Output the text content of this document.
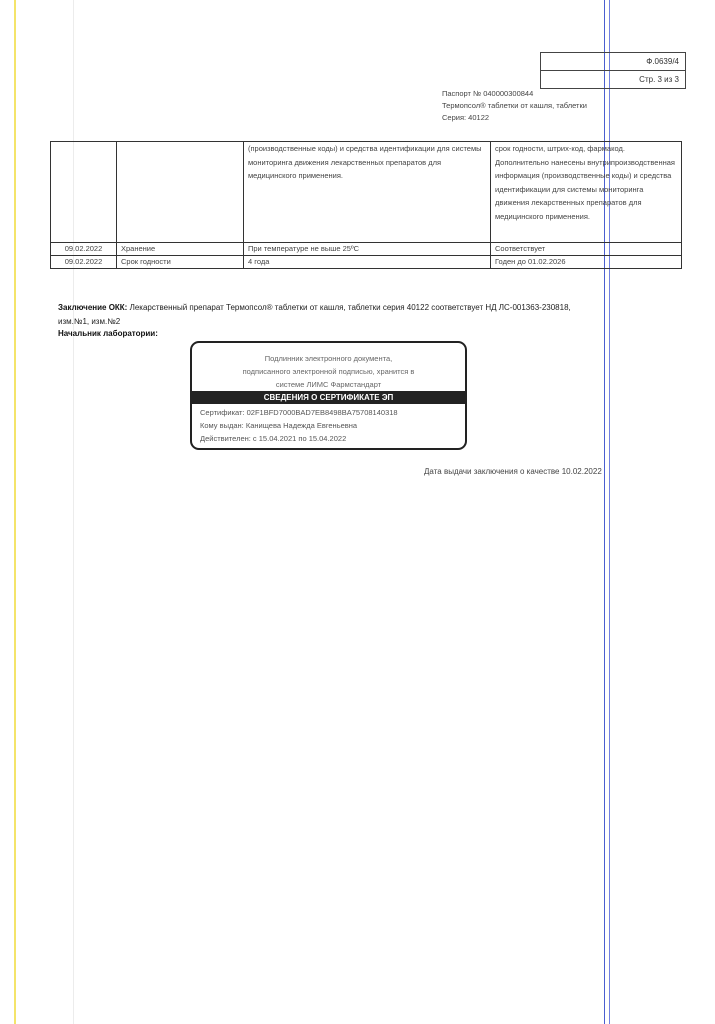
Ф.0639/4
Стр. 3 из 3
Паспорт № 040000300844
Термопсол® таблетки от кашля, таблетки
Серия: 40122
		(производственные коды) и средства идентификации для системы мониторинга движения лекарственных препаратов для медицинского применения.	срок годности, штрих-код, фармакод. Дополнительно нанесены внутрипроизводственная информация (производственные коды) и средства идентификации для системы мониторинга движения лекарственных препаратов для медицинского применения.
09.02.2022	Хранение	При температуре не выше 25ºС	Соответствует
09.02.2022	Срок годности	4 года	Годен до 01.02.2026
Заключение ОКК: Лекарственный препарат Термопсол® таблетки от кашля, таблетки серия 40122 соответствует НД ЛС-001363-230818, изм.№1, изм.№2
Начальник лаборатории:
Подлинник электронного документа,
подписанного электронной подписью, хранится в
системе ЛИМС Фармстандарт
СВЕДЕНИЯ О СЕРТИФИКАТЕ ЭП
Сертификат: 02F1BFD7000BAD7EB8498BA75708140318
Кому выдан: Канищева Надежда Евгеньевна
Действителен: с 15.04.2021 по 15.04.2022
Дата выдачи заключения о качестве 10.02.2022
